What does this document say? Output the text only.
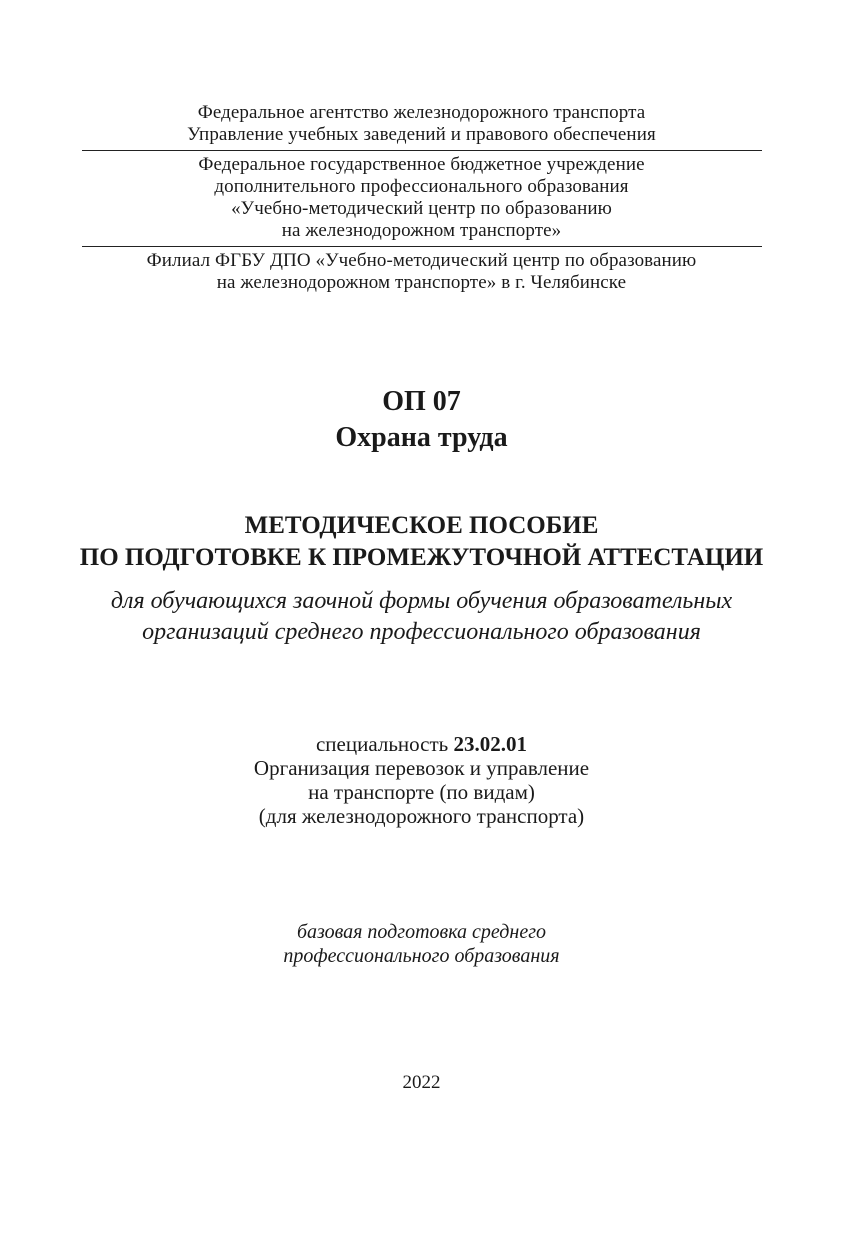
Федеральное агентство железнодорожного транспорта
Управление учебных заведений и правового обеспечения
Федеральное государственное бюджетное учреждение
дополнительного профессионального образования
«Учебно-методический центр по образованию
на железнодорожном транспорте»
Филиал ФГБУ ДПО «Учебно-методический центр по образованию
на железнодорожном транспорте» в г. Челябинске
ОП 07
Охрана труда
МЕТОДИЧЕСКОЕ ПОСОБИЕ
ПО ПОДГОТОВКЕ К ПРОМЕЖУТОЧНОЙ АТТЕСТАЦИИ
для обучающихся заочной формы обучения образовательных
организаций среднего профессионального образования
специальность 23.02.01
Организация перевозок и управление
на транспорте (по видам)
(для железнодорожного транспорта)
базовая подготовка среднего
профессионального образования
2022
